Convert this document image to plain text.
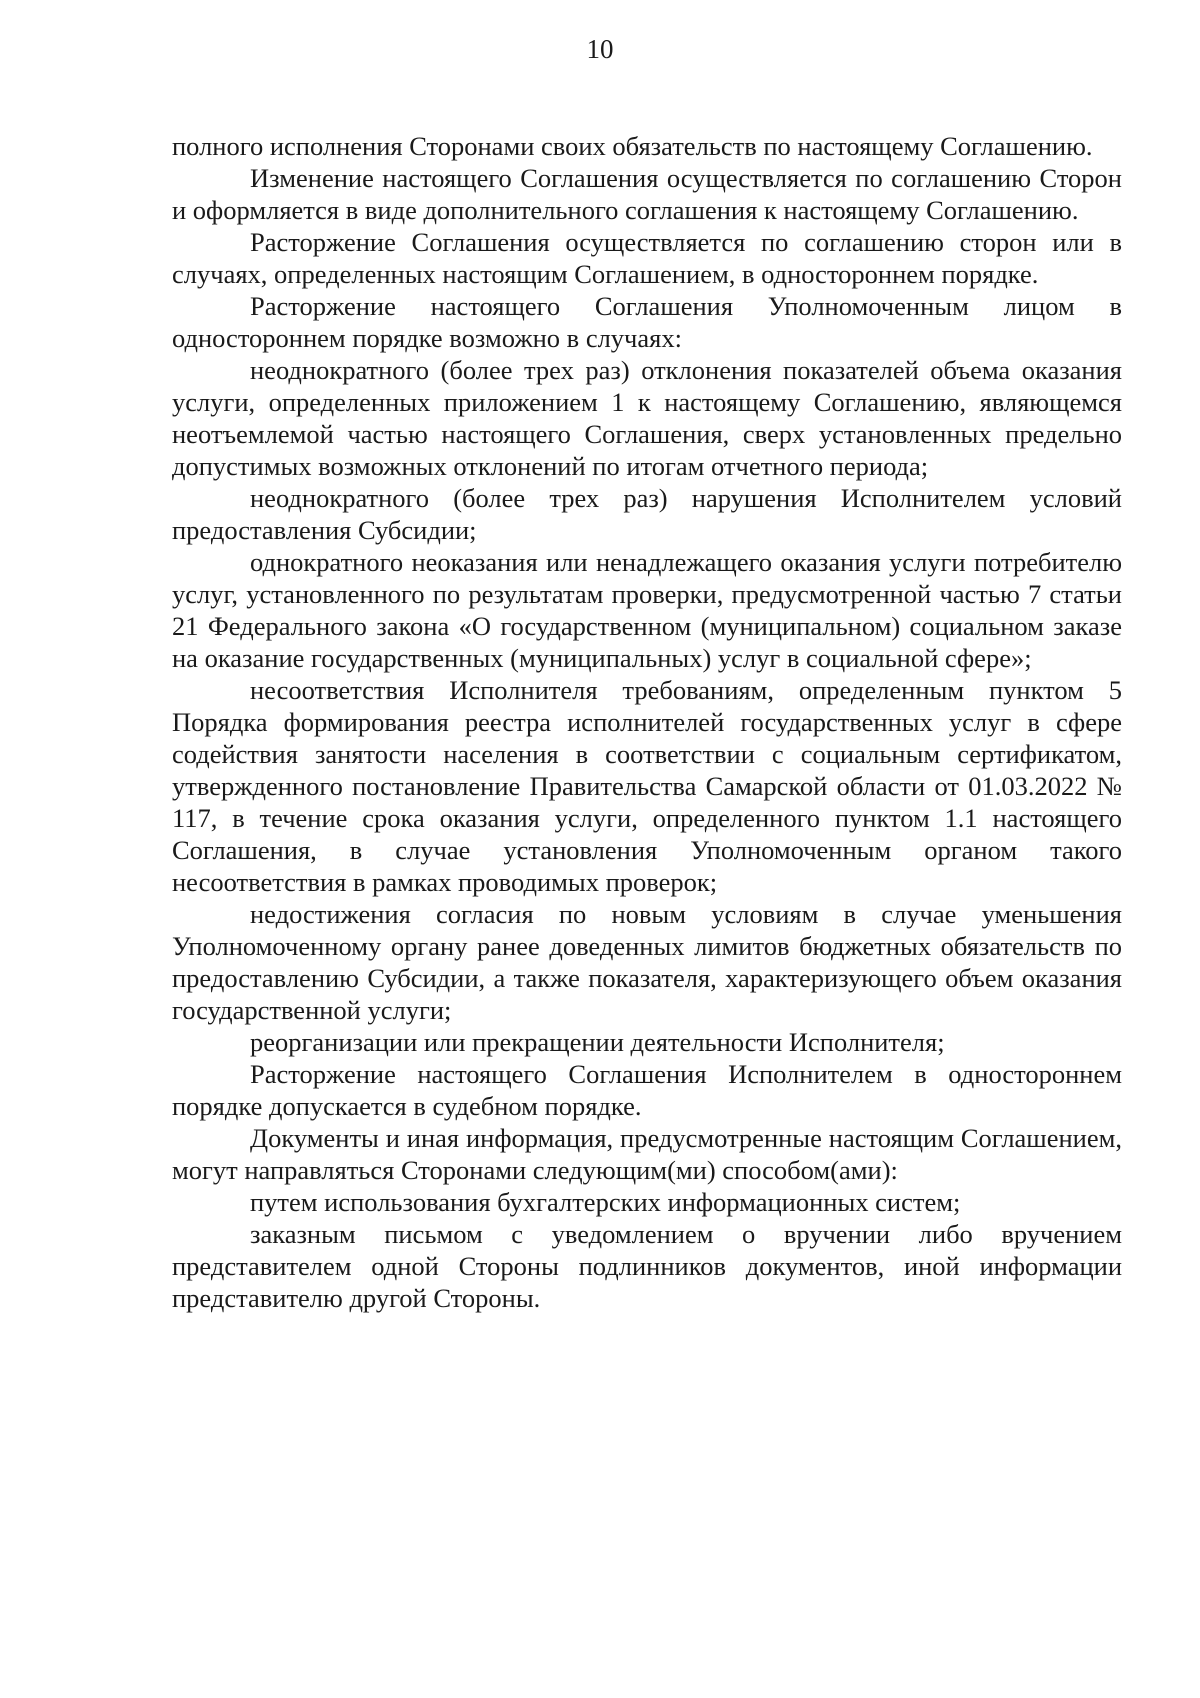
10

полного исполнения Сторонами своих обязательств по настоящему Соглашению.

Изменение настоящего Соглашения осуществляется по соглашению Сторон и оформляется в виде дополнительного соглашения к настоящему Соглашению.

Расторжение Соглашения осуществляется по соглашению сторон или в случаях, определенных настоящим Соглашением, в одностороннем порядке.

Расторжение настоящего Соглашения Уполномоченным лицом в одностороннем порядке возможно в случаях:

неоднократного (более трех раз) отклонения показателей объема оказания услуги, определенных приложением 1 к настоящему Соглашению, являющемся неотъемлемой частью настоящего Соглашения, сверх установленных предельно допустимых возможных отклонений по итогам отчетного периода;

неоднократного (более трех раз) нарушения Исполнителем условий предоставления Субсидии;

однократного неоказания или ненадлежащего оказания услуги потребителю услуг, установленного по результатам проверки, предусмотренной частью 7 статьи 21 Федерального закона «О государственном (муниципальном) социальном заказе на оказание государственных (муниципальных) услуг в социальной сфере»;

несоответствия Исполнителя требованиям, определенным пунктом 5 Порядка формирования реестра исполнителей государственных услуг в сфере содействия занятости населения в соответствии с социальным сертификатом, утвержденного постановление Правительства Самарской области от 01.03.2022 № 117, в течение срока оказания услуги, определенного пунктом 1.1 настоящего Соглашения, в случае установления Уполномоченным органом такого несоответствия в рамках проводимых проверок;

недостижения согласия по новым условиям в случае уменьшения Уполномоченному органу ранее доведенных лимитов бюджетных обязательств по предоставлению Субсидии, а также показателя, характеризующего объем оказания государственной услуги;

реорганизации или прекращении деятельности Исполнителя;

Расторжение настоящего Соглашения Исполнителем в одностороннем порядке допускается в судебном порядке.

Документы и иная информация, предусмотренные настоящим Соглашением, могут направляться Сторонами следующим(ми) способом(ами):

путем использования бухгалтерских информационных систем;

заказным письмом с уведомлением о вручении либо вручением представителем одной Стороны подлинников документов, иной информации представителю другой Стороны.
